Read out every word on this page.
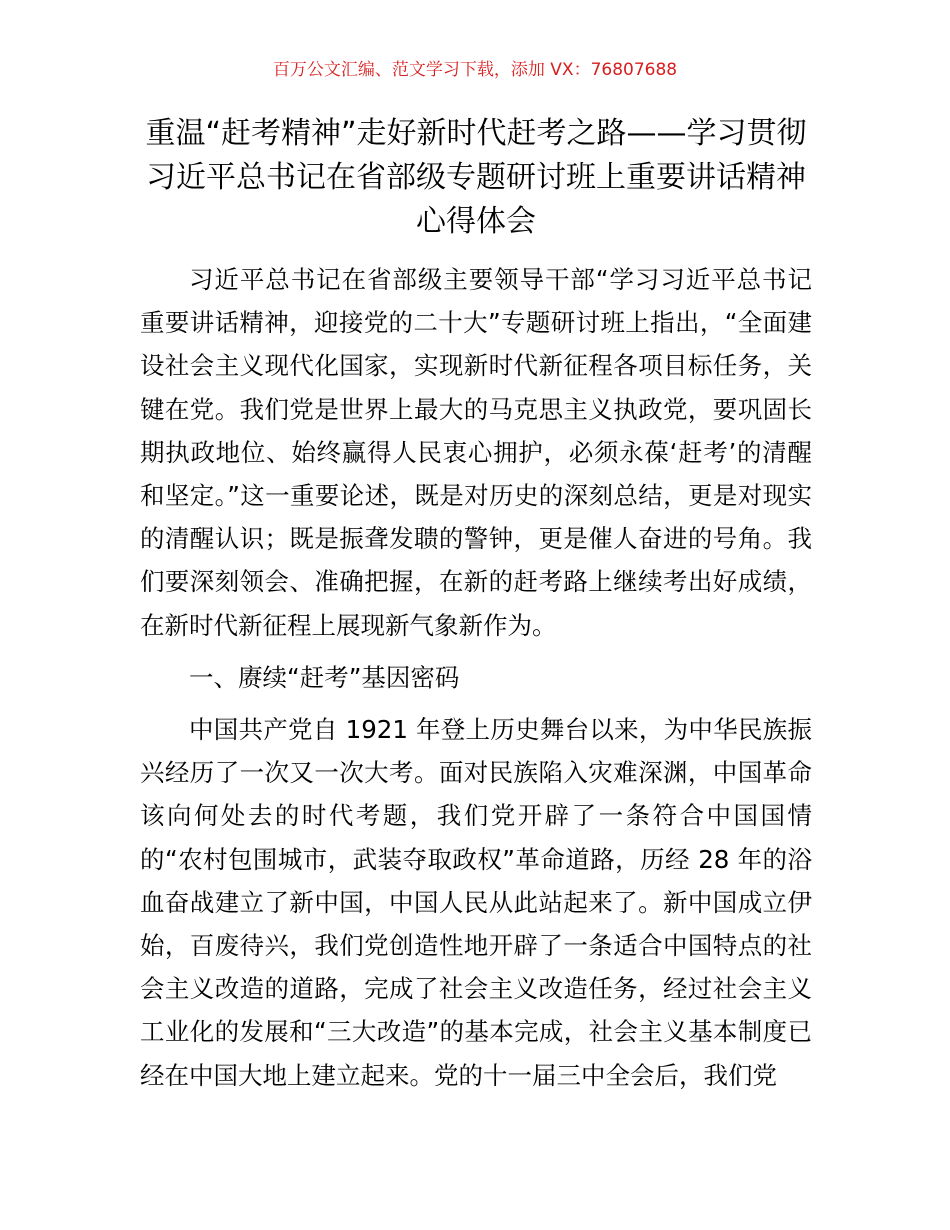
百万公文汇编、范文学习下载，添加 VX：76807688
重温“赶考精神”走好新时代赶考之路——学习贯彻习近平总书记在省部级专题研讨班上重要讲话精神心得体会

习近平总书记在省部级主要领导干部“学习习近平总书记重要讲话精神，迎接党的二十大”专题研讨班上指出，“全面建设社会主义现代化国家，实现新时代新征程各项目标任务，关键在党。我们党是世界上最大的马克思主义执政党，要巩固长期执政地位、始终赢得人民衷心拥护，必须永葆‘赶考’的清醒和坚定。”这一重要论述，既是对历史的深刻总结，更是对现实的清醒认识；既是振聋发聩的警钟，更是催人奋进的号角。我们要深刻领会、准确把握，在新的赶考路上继续考出好成绩，在新时代新征程上展现新气象新作为。

一、赓续“赶考”基因密码

中国共产党自 1921 年登上历史舞台以来，为中华民族振兴经历了一次又一次大考。面对民族陷入灾难深渊，中国革命该向何处去的时代考题，我们党开辟了一条符合中国国情的“农村包围城市，武装夺取政权”革命道路，历经 28 年的浴血奋战建立了新中国，中国人民从此站起来了。新中国成立伊始，百废待兴，我们党创造性地开辟了一条适合中国特点的社会主义改造的道路，完成了社会主义改造任务，经过社会主义工业化的发展和“三大改造”的基本完成，社会主义基本制度已经在中国大地上建立起来。党的十一届三中全会后，我们党
